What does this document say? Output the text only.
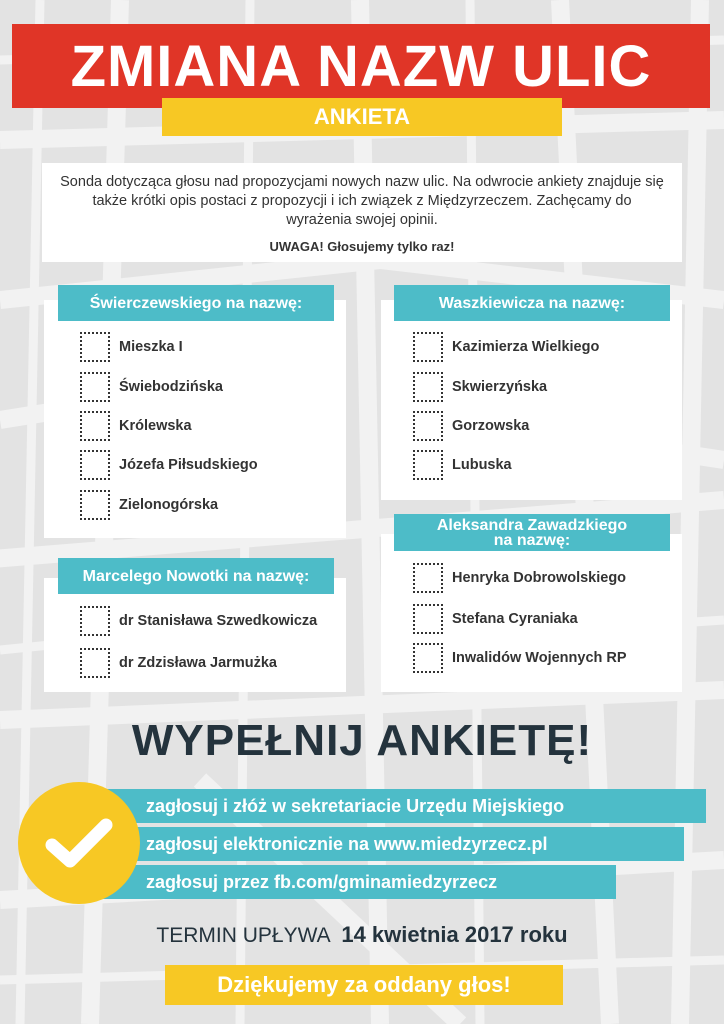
ZMIANA NAZW ULIC
ANKIETA

Sonda dotycząca głosu nad propozycjami nowych nazw ulic. Na odwrocie ankiety znajduje się także krótki opis postaci z propozycji i ich związek z Międzyrzeczem. Zachęcamy do wyrażenia swojej opinii.

UWAGA! Głosujemy tylko raz!

Mieszka I
Świebodzińska
Królewska
Józefa Piłsudskiego
Zielonogórska
Świerczewskiego na nazwę:
dr Stanisława Szwedkowicza
dr Zdzisława Jarmużka
Marcelego Nowotki na nazwę:
Kazimierza Wielkiego
Skwierzyńska
Gorzowska
Lubuska
Waszkiewicza na nazwę:
Henryka Dobrowolskiego
Stefana Cyraniaka
Inwalidów Wojennych RP
Aleksandra Zawadzkiego
na nazwę:
WYPEŁNIJ ANKIETĘ!
zagłosuj i złóż w sekretariacie Urzędu Miejskiego
zagłosuj elektronicznie na www.miedzyrzecz.pl
zagłosuj przez fb.com/gminamiedzyrzecz
TERMIN UPŁYWA 14 kwietnia 2017 roku
Dziękujemy za oddany głos!
